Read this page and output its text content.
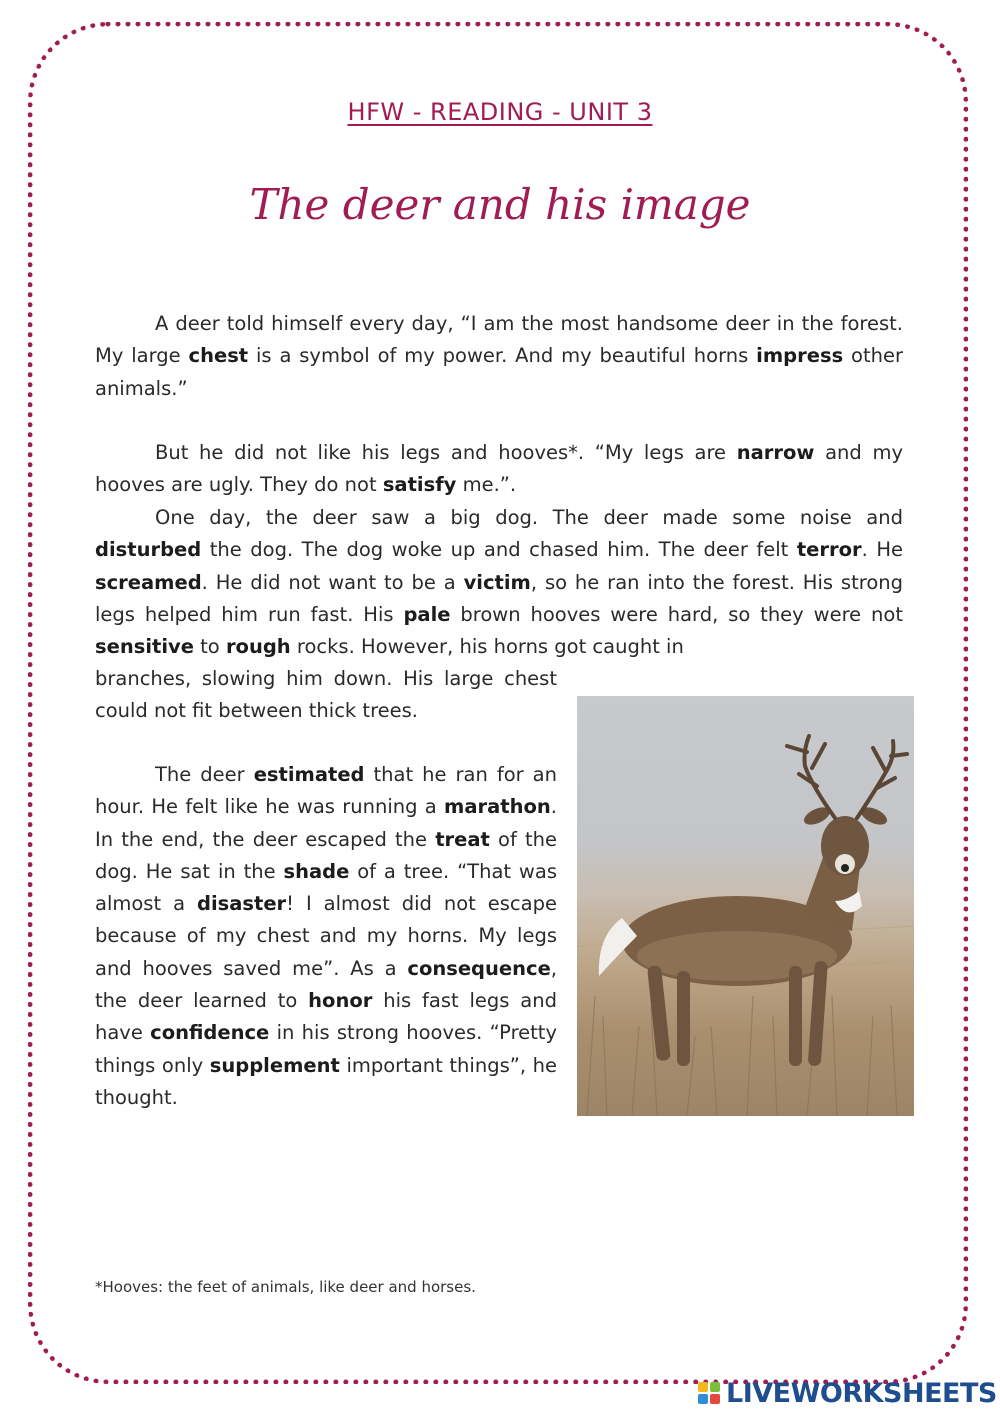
HFW - READING - UNIT 3
The deer and his image

A deer told himself every day, “I am the most handsome deer in the forest. My large chest is a symbol of my power. And my beautiful horns impress other animals.”

But he did not like his legs and hooves*. “My legs are narrow and my hooves are ugly. They do not satisfy me.”.

One day, the deer saw a big dog. The deer made some noise and disturbed the dog. The dog woke up and chased him. The deer felt terror. He screamed. He did not want to be a victim, so he ran into the forest. His strong legs helped him run fast. His pale brown hooves were hard, so they were not sensitive to rough rocks. However, his horns got caught in

branches, slowing him down. His large chest could not fit between thick trees.

The deer estimated that he ran for an hour. He felt like he was running a marathon. In the end, the deer escaped the treat of the dog. He sat in the shade of a tree. “That was almost a disaster! I almost did not escape because of my chest and my horns. My legs and hooves saved me”. As a consequence, the deer learned to honor his fast legs and have confidence in his strong hooves. “Pretty things only supplement important things”, he thought.

*Hooves: the feet of animals, like deer and horses.
LIVEWORKSHEETS
